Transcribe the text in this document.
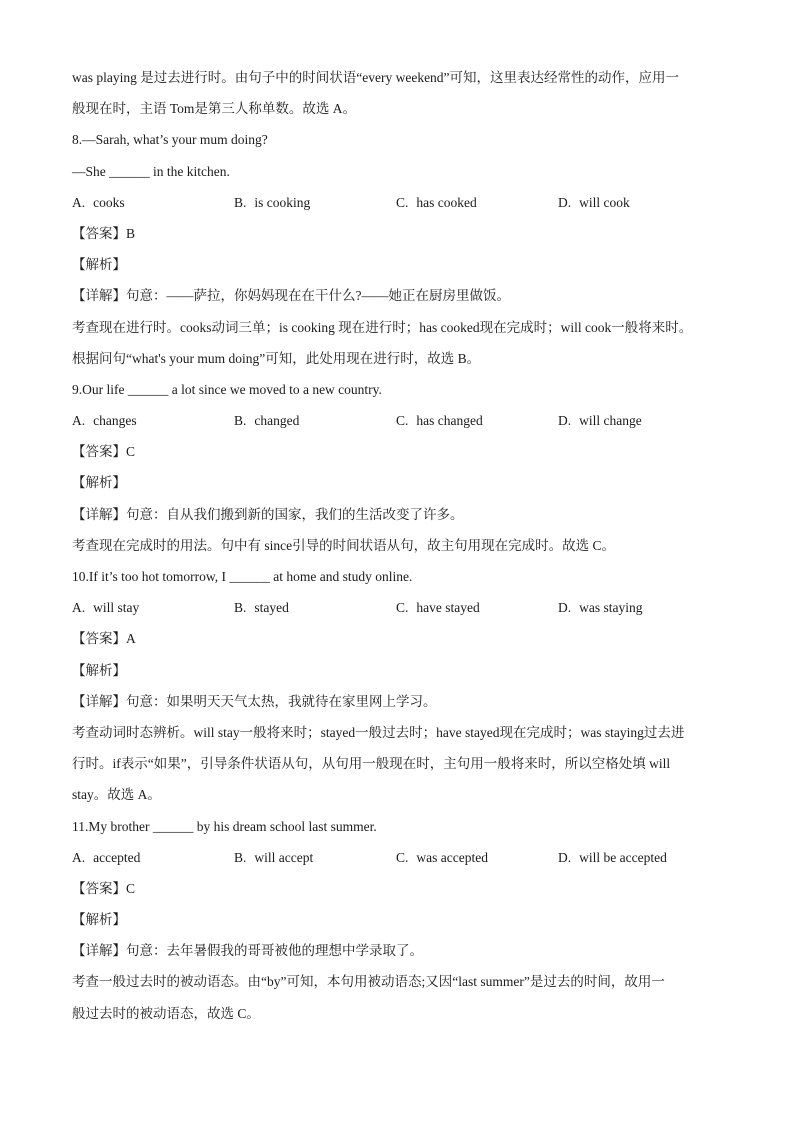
was playing 是过去进行时。由句子中的时间状语“every weekend”可知，这里表达经常性的动作，应用一
般现在时，主语 Tom是第三人称单数。故选 A。
8.—Sarah, what’s your mum doing?
—She ______ in the kitchen.
A. cooks	B. is cooking	C. has cooked	D. will cook
【答案】B
【解析】
【详解】句意：——萨拉，你妈妈现在在干什么?——她正在厨房里做饭。
考查现在进行时。cooks动词三单；is cooking 现在进行时；has cooked现在完成时；will cook一般将来时。
根据问句“what's your mum doing”可知，此处用现在进行时，故选 B。
9.Our life ______ a lot since we moved to a new country.
A. changes	B. changed	C. has changed	D. will change
【答案】C
【解析】
【详解】句意：自从我们搬到新的国家，我们的生活改变了许多。
考查现在完成时的用法。句中有 since引导的时间状语从句，故主句用现在完成时。故选 C。
10.If it’s too hot tomorrow, I ______ at home and study online.
A. will stay	B. stayed	C. have stayed	D. was staying
【答案】A
【解析】
【详解】句意：如果明天天气太热，我就待在家里网上学习。
考查动词时态辨析。will stay一般将来时；stayed一般过去时；have stayed现在完成时；was staying过去进
行时。if表示“如果”，引导条件状语从句，从句用一般现在时，主句用一般将来时，所以空格处填 will
stay。故选 A。
11.My brother ______ by his dream school last summer.
A. accepted	B. will accept	C. was accepted	D. will be accepted
【答案】C
【解析】
【详解】句意：去年暑假我的哥哥被他的理想中学录取了。
考查一般过去时的被动语态。由“by”可知，本句用被动语态;又因“last summer”是过去的时间，故用一
般过去时的被动语态，故选 C。
